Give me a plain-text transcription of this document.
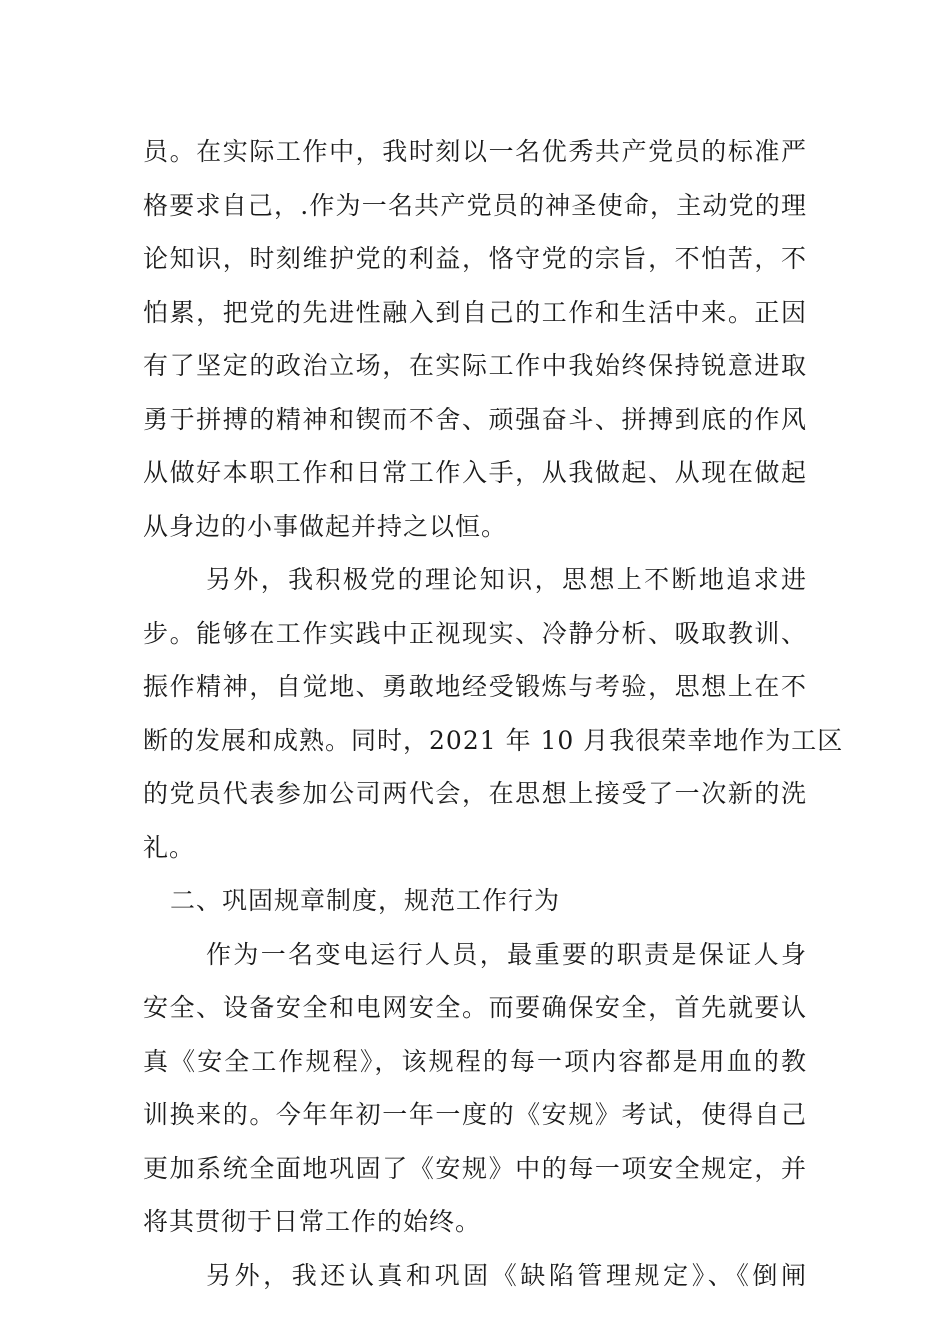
员。在实际工作中，我时刻以一名优秀共产党员的标准严
格要求自己，.作为一名共产党员的神圣使命，主动党的理
论知识，时刻维护党的利益，恪守党的宗旨，不怕苦，不
怕累，把党的先进性融入到自己的工作和生活中来。正因
有了坚定的政治立场，在实际工作中我始终保持锐意进取
勇于拼搏的精神和锲而不舍、顽强奋斗、拼搏到底的作风
从做好本职工作和日常工作入手，从我做起、从现在做起
从身边的小事做起并持之以恒。
另外，我积极党的理论知识，思想上不断地追求进
步。能够在工作实践中正视现实、冷静分析、吸取教训、
振作精神，自觉地、勇敢地经受锻炼与考验，思想上在不
断的发展和成熟。同时，2021 年 10 月我很荣幸地作为工区
的党员代表参加公司两代会，在思想上接受了一次新的洗
礼。
二、巩固规章制度，规范工作行为
作为一名变电运行人员，最重要的职责是保证人身
安全、设备安全和电网安全。而要确保安全，首先就要认
真《安全工作规程》，该规程的每一项内容都是用血的教
训换来的。今年年初一年一度的《安规》考试，使得自己
更加系统全面地巩固了《安规》中的每一项安全规定，并
将其贯彻于日常工作的始终。
另外，我还认真和巩固《缺陷管理规定》、《倒闸
